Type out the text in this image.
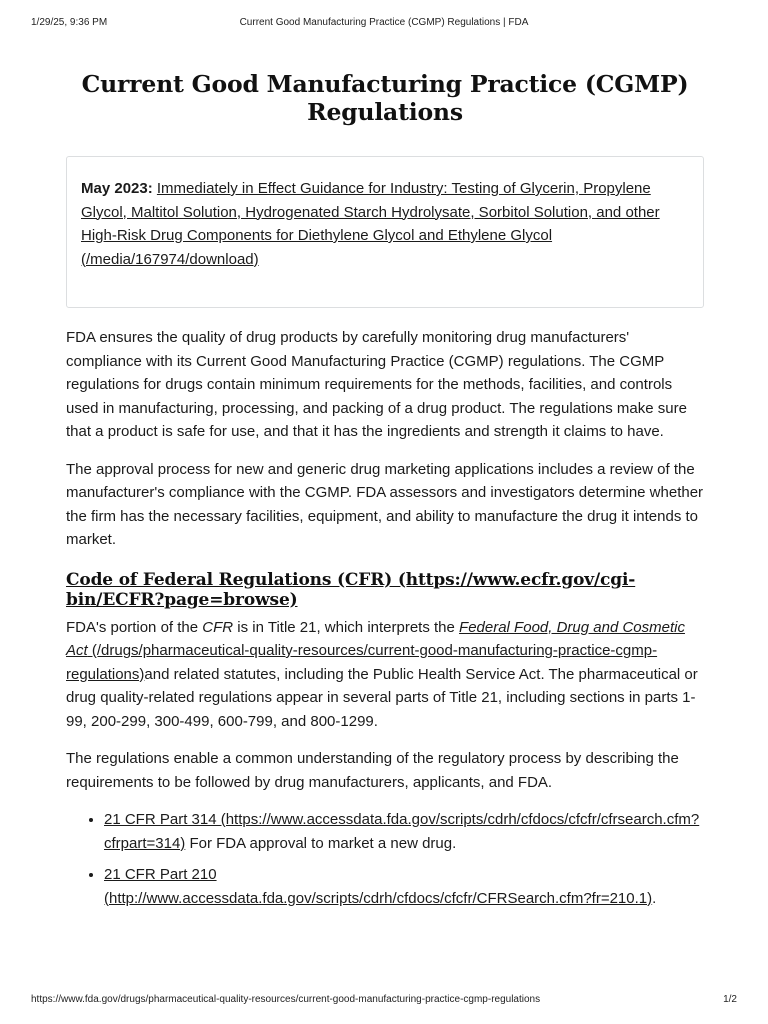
1/29/25, 9:36 PM	Current Good Manufacturing Practice (CGMP) Regulations | FDA
Current Good Manufacturing Practice (CGMP) Regulations
May 2023: Immediately in Effect Guidance for Industry: Testing of Glycerin, Propylene Glycol, Maltitol Solution, Hydrogenated Starch Hydrolysate, Sorbitol Solution, and other High-Risk Drug Components for Diethylene Glycol and Ethylene Glycol (/media/167974/download)

FDA ensures the quality of drug products by carefully monitoring drug manufacturers' compliance with its Current Good Manufacturing Practice (CGMP) regulations. The CGMP regulations for drugs contain minimum requirements for the methods, facilities, and controls used in manufacturing, processing, and packing of a drug product. The regulations make sure that a product is safe for use, and that it has the ingredients and strength it claims to have.

The approval process for new and generic drug marketing applications includes a review of the manufacturer's compliance with the CGMP. FDA assessors and investigators determine whether the firm has the necessary facilities, equipment, and ability to manufacture the drug it intends to market.

Code of Federal Regulations (CFR) (https://www.ecfr.gov/cgi-bin/ECFR?page=browse)

FDA's portion of the CFR is in Title 21, which interprets the Federal Food, Drug and Cosmetic Act (/drugs/pharmaceutical-quality-resources/current-good-manufacturing-practice-cgmp-regulations)and related statutes, including the Public Health Service Act. The pharmaceutical or drug quality-related regulations appear in several parts of Title 21, including sections in parts 1-99, 200-299, 300-499, 600-799, and 800-1299.

The regulations enable a common understanding of the regulatory process by describing the requirements to be followed by drug manufacturers, applicants, and FDA.

• 21 CFR Part 314 (https://www.accessdata.fda.gov/scripts/cdrh/cfdocs/cfcfr/cfrsearch.cfm?cfrpart=314) For FDA approval to market a new drug.
• 21 CFR Part 210 (http://www.accessdata.fda.gov/scripts/cdrh/cfdocs/cfcfr/CFRSearch.cfm?fr=210.1).
https://www.fda.gov/drugs/pharmaceutical-quality-resources/current-good-manufacturing-practice-cgmp-regulations	1/2
